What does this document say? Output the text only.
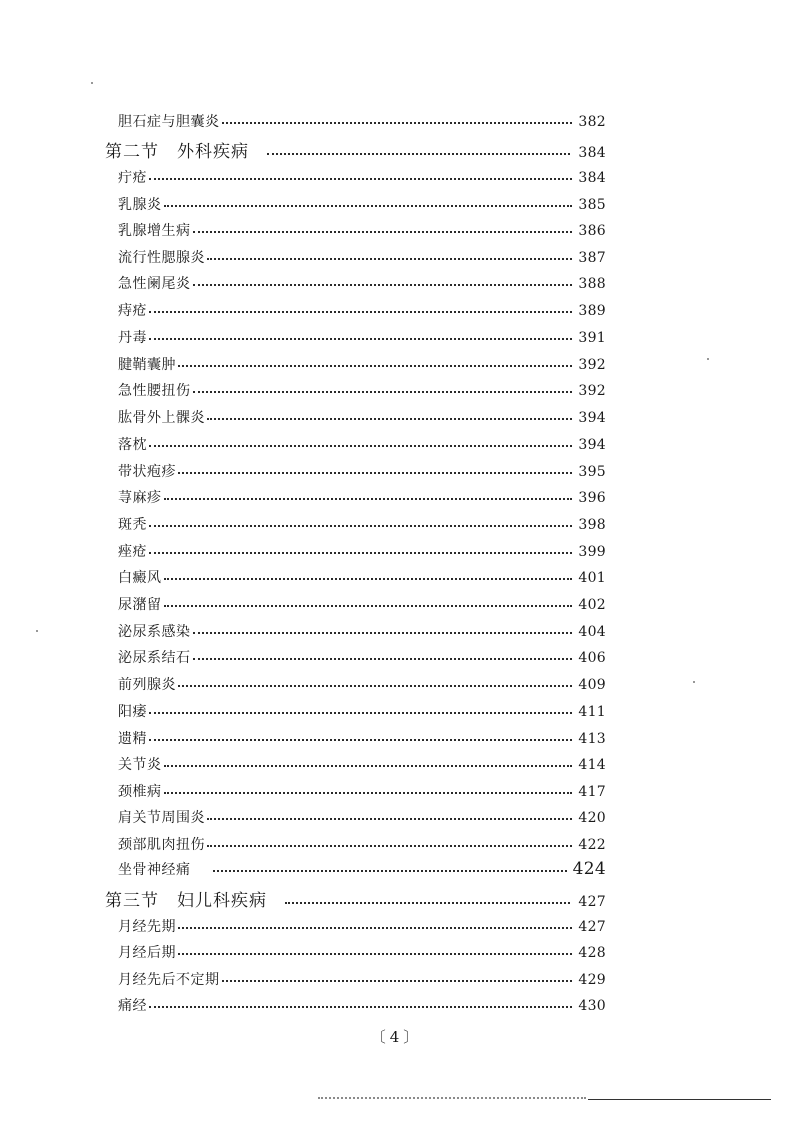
胆石症与胆囊炎	382
第二节 外科疾病	384
疔疮	384
乳腺炎	385
乳腺增生病	386
流行性腮腺炎	387
急性阑尾炎	388
痔疮	389
丹毒	391
腱鞘囊肿	392
急性腰扭伤	392
肱骨外上髁炎	394
落枕	394
带状疱疹	395
荨麻疹	396
斑秃	398
痤疮	399
白癜风	401
尿潴留	402
泌尿系感染	404
泌尿系结石	406
前列腺炎	409
阳痿	411
遗精	413
关节炎	414
颈椎病	417
肩关节周围炎	420
颈部肌肉扭伤	422
坐骨神经痛	424
第三节 妇儿科疾病	427
月经先期	427
月经后期	428
月经先后不定期	429
痛经	430
〔4〕
